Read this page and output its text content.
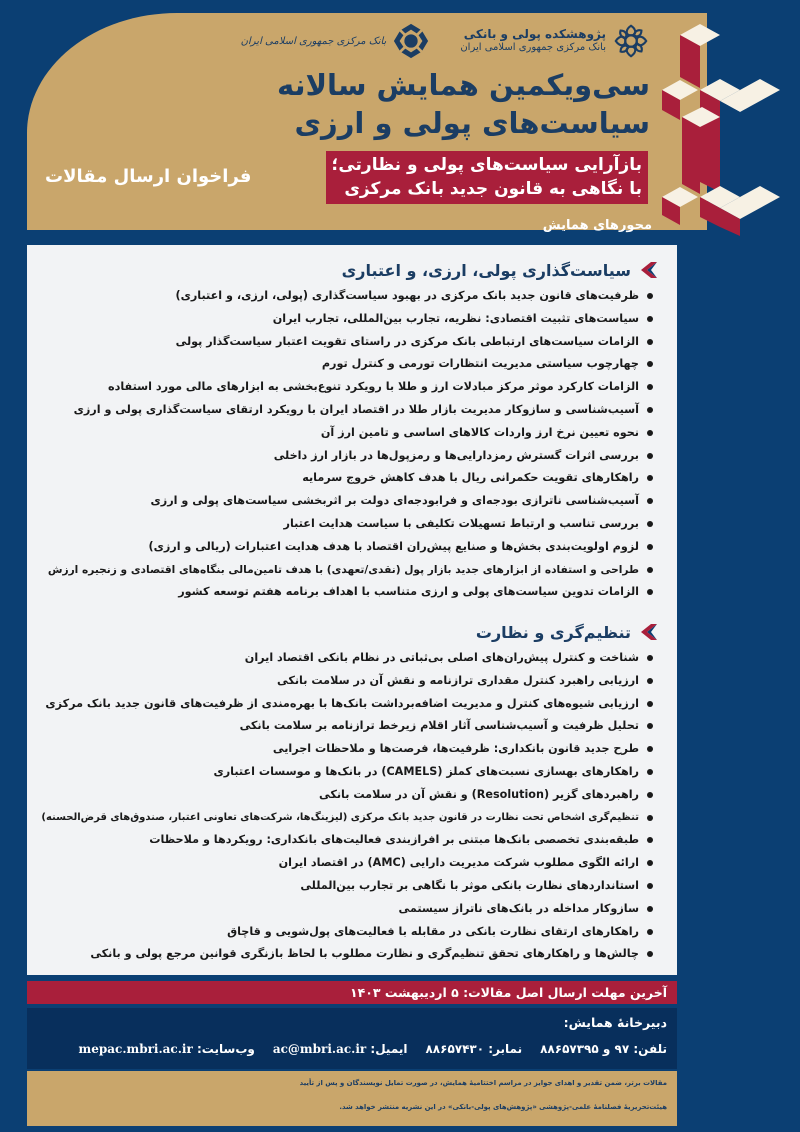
پژوهشکده پولی و بانکی
بانک مرکزی جمهوری اسلامی ایران
بانک مرکزی جمهوری اسلامی ایران
سی‌ویکمین همایش سالانه
سیاست‌های پولی و ارزی
بازآرایی سیاست‌های پولی و نظارتی؛
با نگاهی به قانون جدید بانک مرکزی
فراخوان ارسال مقالات
محورهای همایش
سیاست‌گذاری پولی، ارزی، و اعتباری
ظرفیت‌های قانون جدید بانک مرکزی در بهبود سیاست‌گذاری (پولی، ارزی، و اعتباری)
سیاست‌های تثبیت اقتصادی: نظریه، تجارب بین‌المللی، تجارب ایران
الزامات سیاست‌های ارتباطی بانک مرکزی در راستای تقویت اعتبار سیاست‌گذار پولی
چهارچوب سیاستی مدیریت انتظارات تورمی و کنترل تورم
الزامات کارکرد موثر مرکز مبادلات ارز و طلا با رویکرد تنوع‌بخشی به ابزارهای مالی مورد استفاده
آسیب‌شناسی و سازوکار مدیریت بازار طلا در اقتصاد ایران با رویکرد ارتقای سیاست‌گذاری پولی و ارزی
نحوه تعیین نرخ ارز واردات کالاهای اساسی و تامین ارز آن
بررسی اثرات گسترش رمزدارایی‌ها و رمزپول‌ها در بازار ارز داخلی
راهکارهای تقویت حکمرانی ریال با هدف کاهش خروج سرمایه
آسیب‌شناسی ناترازی بودجه‌ای و فرابودجه‌ای دولت بر اثربخشی سیاست‌های پولی و ارزی
بررسی تناسب و ارتباط تسهیلات تکلیفی با سیاست هدایت اعتبار
لزوم اولویت‌بندی بخش‌ها و صنایع پیش‌ران اقتصاد با هدف هدایت اعتبارات (ریالی و ارزی)
طراحی و استفاده از ابزارهای جدید بازار پول (نقدی/تعهدی) با هدف تامین‌مالی بنگاه‌های اقتصادی و زنجیره ارزش
الزامات تدوین سیاست‌های پولی و ارزی متناسب با اهداف برنامه هفتم توسعه کشور
تنظیم‌گری و نظارت
شناخت و کنترل پیش‌ران‌های اصلی بی‌ثباتی در نظام بانکی اقتصاد ایران
ارزیابی راهبرد کنترل مقداری ترازنامه و نقش آن در سلامت بانکی
ارزیابی شیوه‌های کنترل و مدیریت اضافه‌برداشت بانک‌ها با بهره‌مندی از ظرفیت‌های قانون جدید بانک مرکزی
تحلیل ظرفیت و آسیب‌شناسی آثار اقلام زیرخط ترازنامه بر سلامت بانکی
طرح جدید قانون بانکداری: ظرفیت‌ها، فرصت‌ها و ملاحظات اجرایی
راهکارهای بهسازی نسبت‌های کملز (CAMELS) در بانک‌ها و موسسات اعتباری
راهبردهای گزیر (Resolution) و نقش آن در سلامت بانکی
تنظیم‌گری اشخاص تحت نظارت در قانون جدید بانک مرکزی (لیزینگ‌ها، شرکت‌های تعاونی اعتبار، صندوق‌های قرض‌الحسنه)
طبقه‌بندی تخصصی بانک‌ها مبتنی بر افرازبندی فعالیت‌های بانکداری: رویکردها و ملاحظات
ارائه الگوی مطلوب شرکت مدیریت دارایی (AMC) در اقتصاد ایران
استانداردهای نظارت بانکی موثر با نگاهی بر تجارب بین‌المللی
سازوکار مداخله در بانک‌های ناتراز سیستمی
راهکارهای ارتقای نظارت بانکی در مقابله با فعالیت‌های پول‌شویی و قاچاق
چالش‌ها و راهکارهای تحقق تنظیم‌گری و نظارت مطلوب با لحاظ بازنگری قوانین مرجع پولی و بانکی
آخرین مهلت ارسال اصل مقالات: ۵ اردیبهشت ۱۴۰۳
دبیرخانۀ همایش:
تلفن: ۹۷ و ۸۸۶۵۷۳۹۵
نمابر: ۸۸۶۵۷۴۳۰
ایمیل: ac@mbri.ac.ir
وب‌سایت: mepac.mbri.ac.ir
مقالات برتر، ضمن تقدیر و اهدای جوایز در مراسم اختتامیۀ همایش، در صورت تمایل نویسندگان و پس از تأیید
هیئت‌تحریریۀ فصلنامۀ علمی-پژوهشی «پژوهش‌های پولی-بانکی» در این نشریه منتشر خواهد شد.
